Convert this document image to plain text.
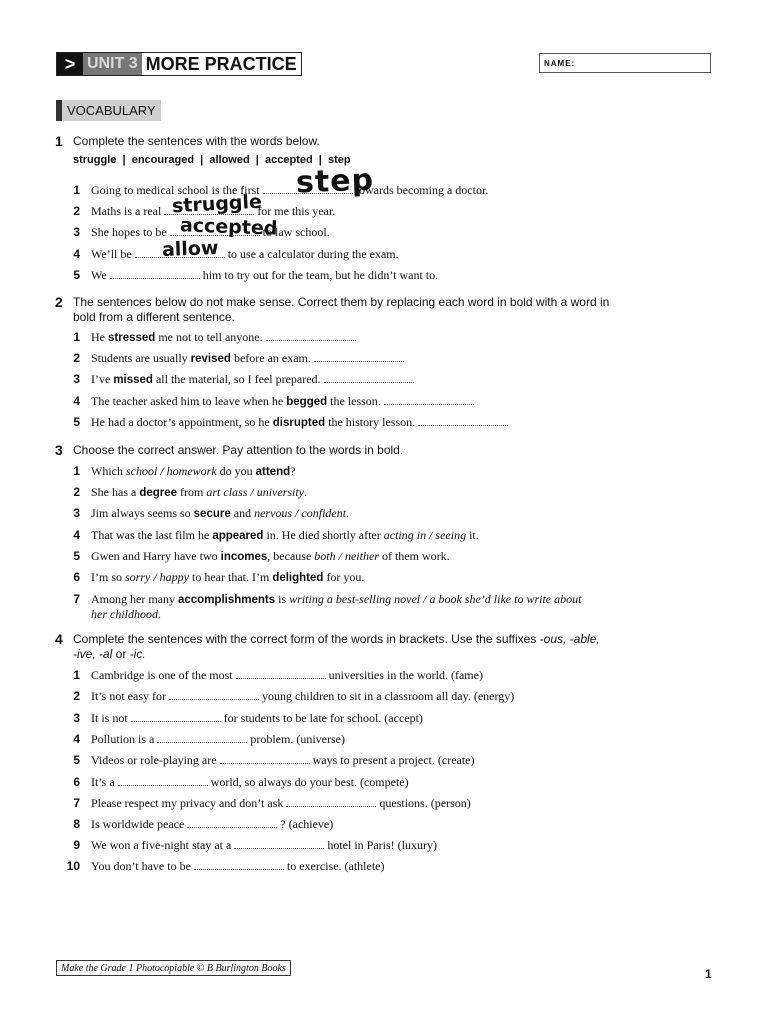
> UNIT 3 MORE PRACTICE	NAME:
VOCABULARY
1 Complete the sentences with the words below.
struggle  |  encouraged  |  allowed  |  accepted  |  step
1 Going to medical school is the first	towards becoming a doctor.
2 Maths is a real	for me this year.
3 She hopes to be	to law school.
4 We’ll be	to use a calculator during the exam.
5 We	him to try out for the team, but he didn’t want to.
step
struggle
accepted
allow
2 The sentences below do not make sense. Correct them by replacing each word in bold with a word in bold from a different sentence.
1 He stressed me not to tell anyone.
2 Students are usually revised before an exam.
3 I’ve missed all the material, so I feel prepared.
4 The teacher asked him to leave when he begged the lesson.
5 He had a doctor’s appointment, so he disrupted the history lesson.
3 Choose the correct answer. Pay attention to the words in bold.
1 Which school / homework do you attend?
2 She has a degree from art class / university.
3 Jim always seems so secure and nervous / confident.
4 That was the last film he appeared in. He died shortly after acting in / seeing it.
5 Gwen and Harry have two incomes, because both / neither of them work.
6 I’m so sorry / happy to hear that. I’m delighted for you.
7 Among her many accomplishments is writing a best-selling novel / a book she’d like to write about
her childhood.
4 Complete the sentences with the correct form of the words in brackets. Use the suffixes -ous, -able,
-ive, -al or -ic.
1 Cambridge is one of the most	universities in the world. (fame)
2 It’s not easy for	young children to sit in a classroom all day. (energy)
3 It is not	for students to be late for school. (accept)
4 Pollution is a	problem. (universe)
5 Videos or role-playing are	ways to present a project. (create)
6 It’s a	world, so always do your best. (compete)
7 Please respect my privacy and don’t ask	questions. (person)
8 Is worldwide peace	? (achieve)
9 We won a five-night stay at a	hotel in Paris! (luxury)
10 You don’t have to be	to exercise. (athlete)
Make the Grade 1 Photocopiable © B Burlington Books	1
